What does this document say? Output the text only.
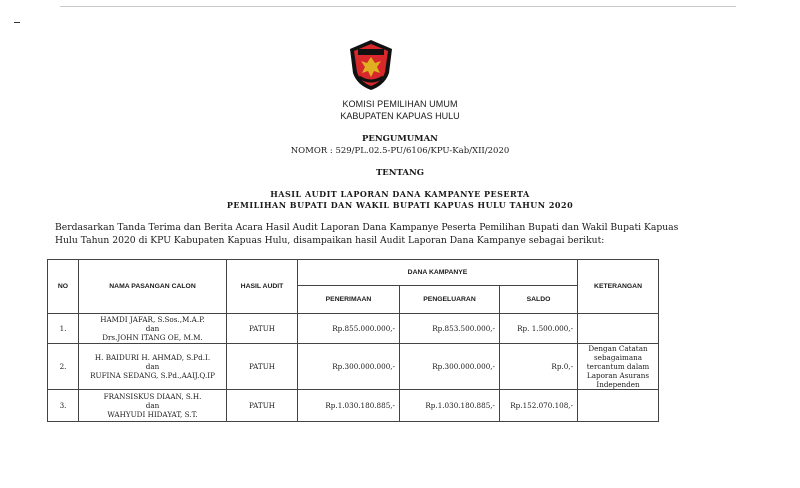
KOMISI PEMILIHAN UMUM
KABUPATEN KAPUAS HULU
PENGUMUMAN
NOMOR : 529/PL.02.5-PU/6106/KPU-Kab/XII/2020
TENTANG
HASIL AUDIT LAPORAN DANA KAMPANYE PESERTA
PEMILIHAN BUPATI DAN WAKIL BUPATI KAPUAS HULU TAHUN 2020
Berdasarkan Tanda Terima dan Berita Acara Hasil Audit Laporan Dana Kampanye Peserta Pemilihan Bupati dan Wakil Bupati Kapuas Hulu Tahun 2020 di KPU Kabupaten Kapuas Hulu, disampaikan hasil Audit Laporan Dana Kampanye sebagai berikut:
NO	NAMA PASANGAN CALON	HASIL AUDIT	DANA KAMPANYE			KETERANGAN
			PENERIMAAN	PENGELUARAN	SALDO	
1.	HAMDI JAFAR, S.Sos.,M.A.P.
dan
Drs.JOHN ITANG OE, M.M.	PATUH	Rp.855.000.000,-	Rp.853.500.000,-	Rp. 1.500.000,-	
2.	H. BAIDURI H. AHMAD, S.Pd.I.
dan
RUFINA SEDANG, S.Pd.,AAIJ.Q.IP	PATUH	Rp.300.000.000,-	Rp.300.000.000,-	Rp.0,-	Dengan Catatan sebagaimana tercantum dalam Laporan Asurans Independen
3.	FRANSISKUS DIAAN, S.H.
dan
WAHYUDI HIDAYAT, S.T.	PATUH	Rp.1.030.180.885,-	Rp.1.030.180.885,-	Rp.152.070.108,-	
